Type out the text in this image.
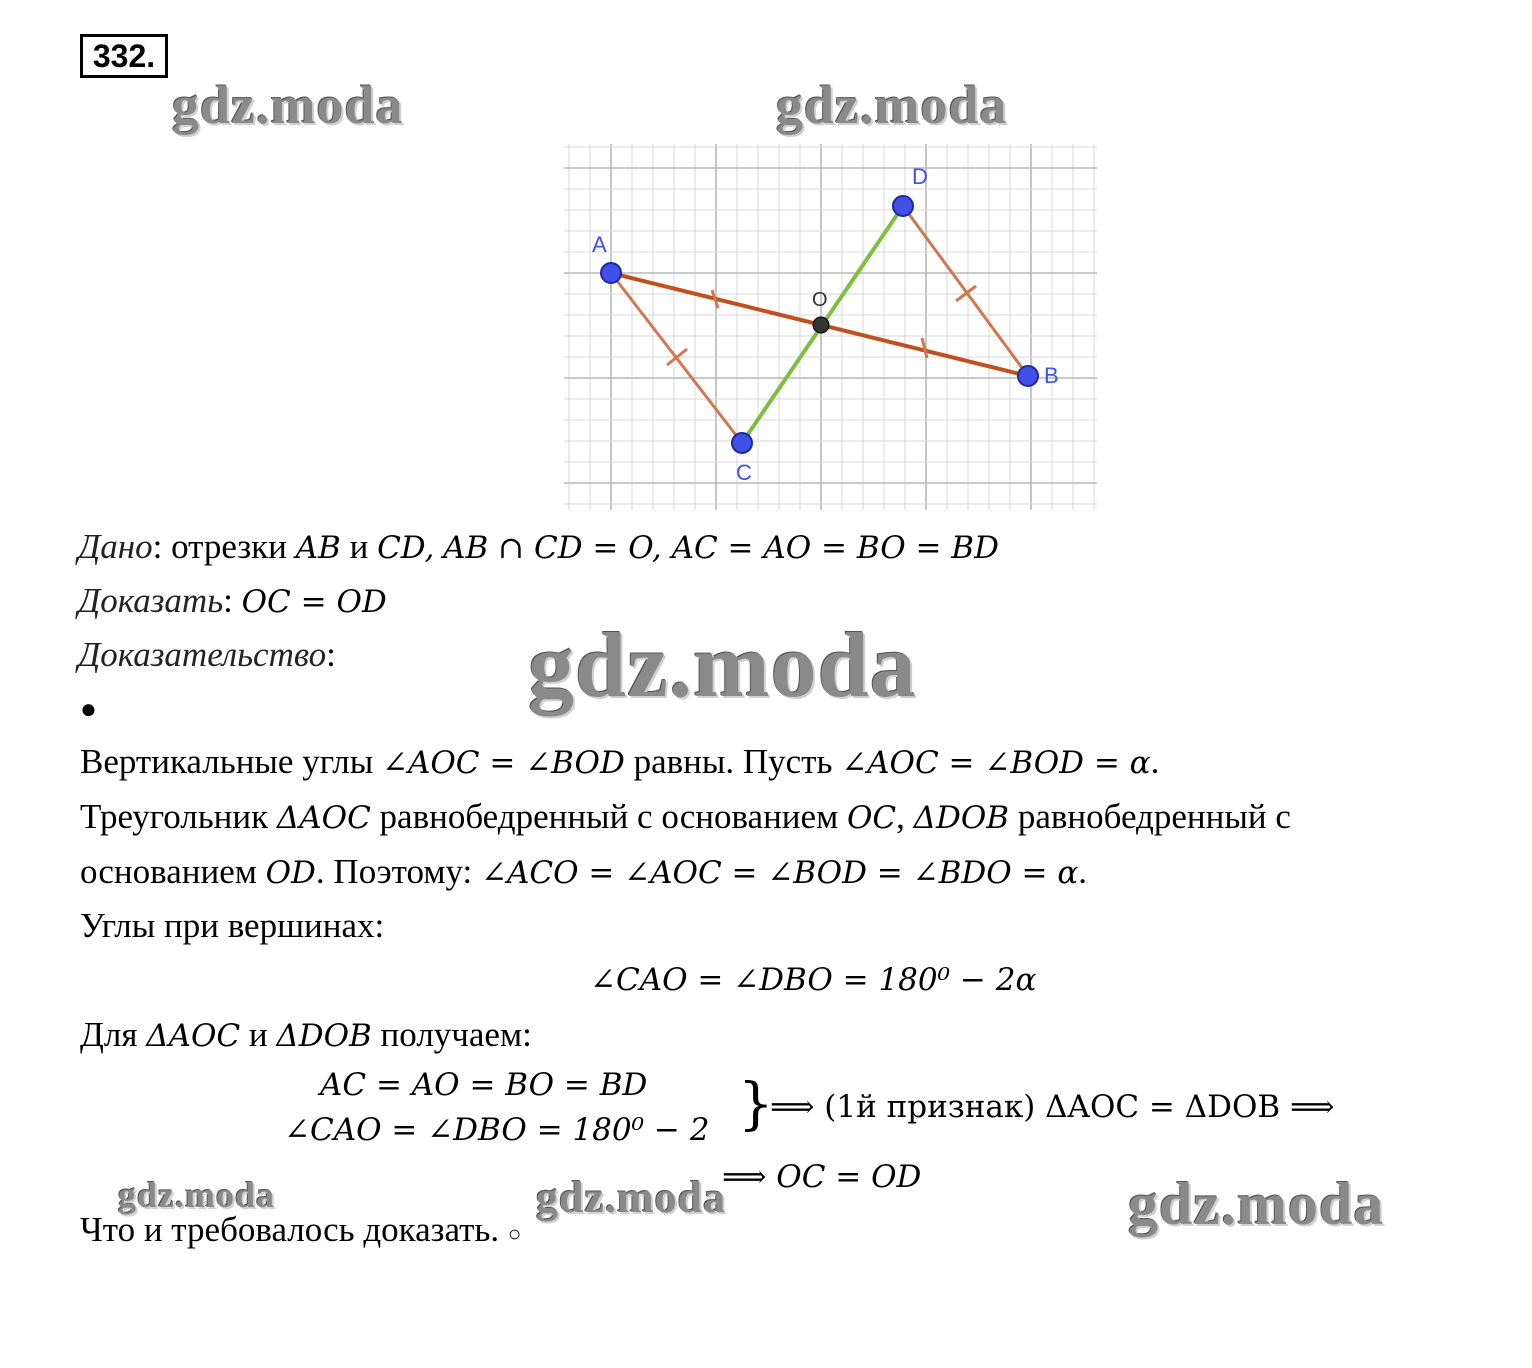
332.
gdz.moda	gdz.moda
gdz.moda
gdz.moda	gdz.moda	gdz.moda
A
B
C
D
O
Дано: отрезки AB и CD, AB ∩ CD = O, AC = AO = BO = BD
Доказать: OC = OD
Доказательство:
●
Вертикальные углы ∠AOC = ∠BOD равны. Пусть ∠AOC = ∠BOD = α.
Треугольник ΔAOC равнобедренный с основанием OC, ΔDOB равнобедренный с
основанием OD. Поэтому: ∠ACO = ∠AOC = ∠BOD = ∠BDO = α.
Углы при вершинах:
∠CAO = ∠DBO = 180⁰ − 2α
Для ΔAOC и ΔDOB получаем:
AC = AO = BO = BD
∠CAO = ∠DBO = 180⁰ − 2 }
⟹ (1й признак) ΔAOC = ΔDOB ⟹
⟹ OC = OD
Что и требовалось доказать. ○
